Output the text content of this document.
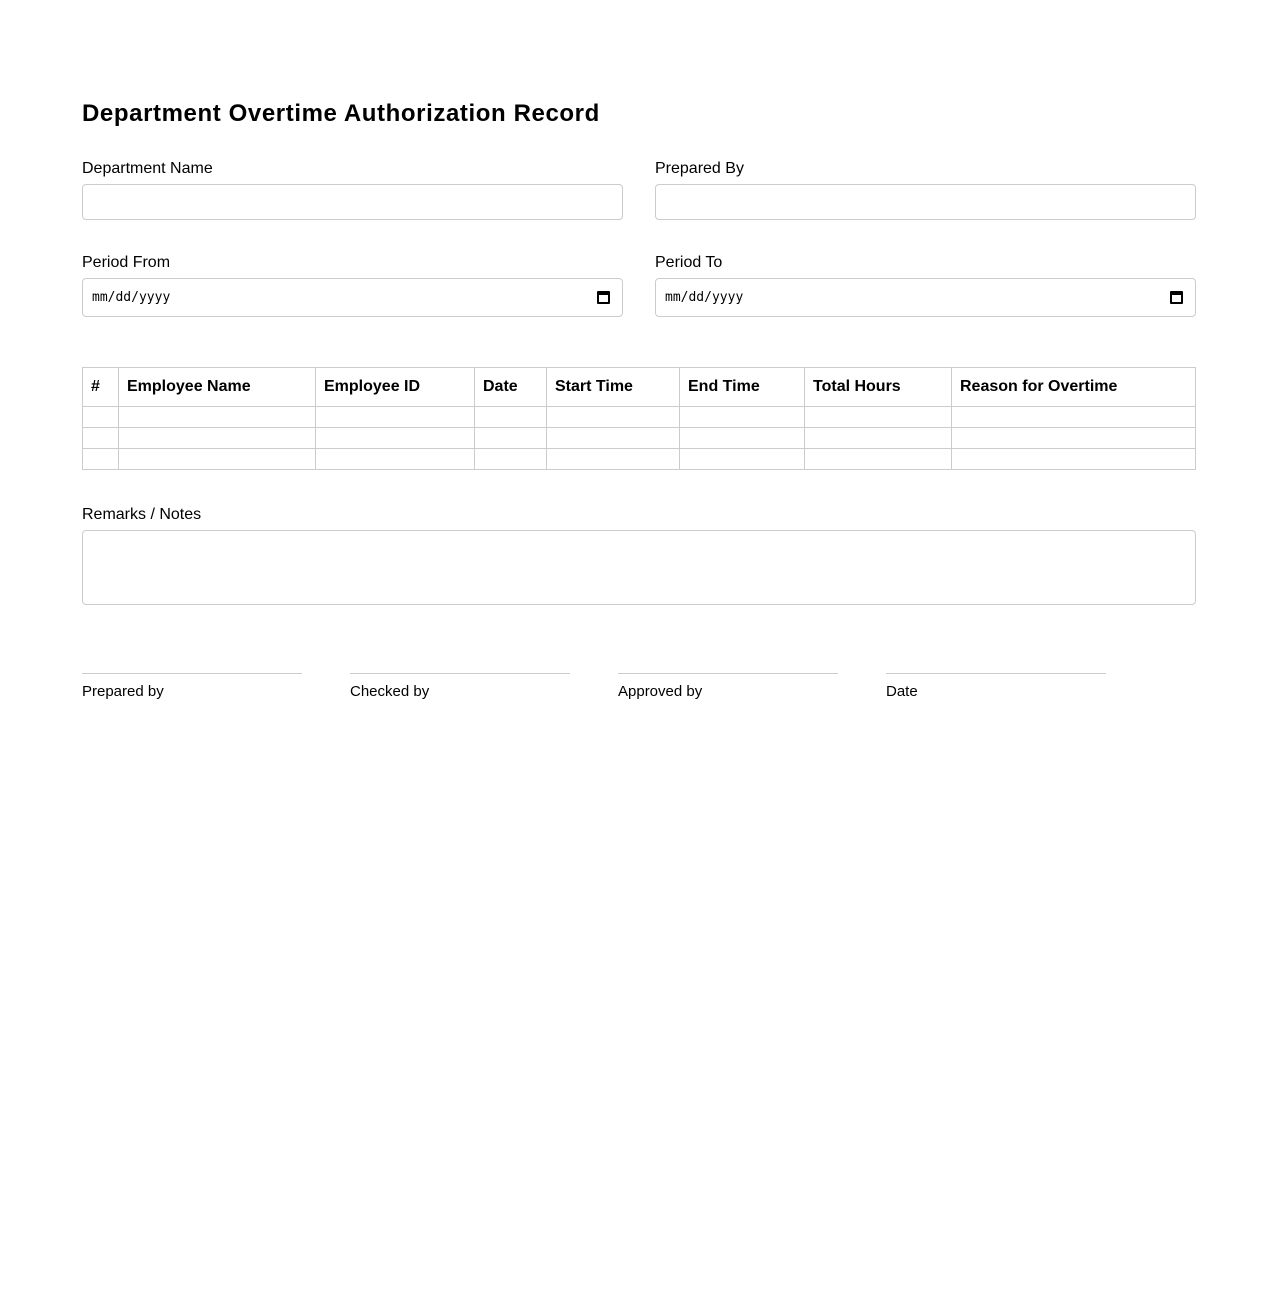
Department Overtime Authorization Record
Department Name	Prepared By
Period From
mm/dd/yyyy
Period To
mm/dd/yyyy
#	Employee Name	Employee ID	Date	Start Time	End Time	Total Hours	Reason for Overtime

Remarks / Notes
Prepared by	Checked by	Approved by	Date
